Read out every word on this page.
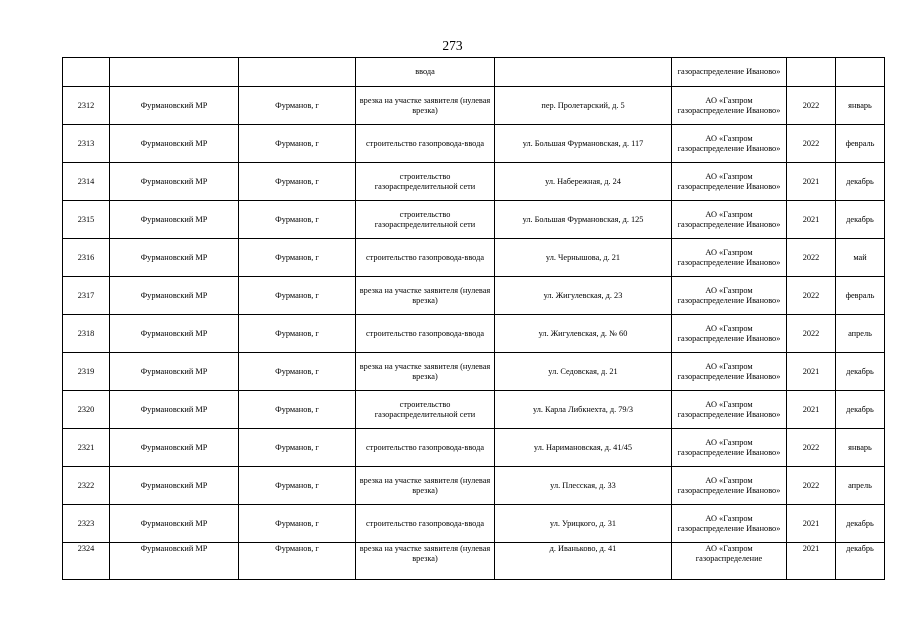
273

			ввода		газораспределение Иваново»		

2312	Фурмановский МР	Фурманов, г	врезка на участке заявителя (нулевая врезка)	пер. Пролетарский, д. 5	АО «Газпром газораспределение Иваново»	2022	январь
2313	Фурмановский МР	Фурманов, г	строительство газопровода-ввода	ул. Большая Фурмановская, д. 117	АО «Газпром газораспределение Иваново»	2022	февраль
2314	Фурмановский МР	Фурманов, г	строительство газораспределительной сети	ул. Набережная, д. 24	АО «Газпром газораспределение Иваново»	2021	декабрь
2315	Фурмановский МР	Фурманов, г	строительство газораспределительной сети	ул. Большая Фурмановская, д. 125	АО «Газпром газораспределение Иваново»	2021	декабрь
2316	Фурмановский МР	Фурманов, г	строительство газопровода-ввода	ул. Чернышова, д. 21	АО «Газпром газораспределение Иваново»	2022	май
2317	Фурмановский МР	Фурманов, г	врезка на участке заявителя (нулевая врезка)	ул. Жигулевская, д. 23	АО «Газпром газораспределение Иваново»	2022	февраль
2318	Фурмановский МР	Фурманов, г	строительство газопровода-ввода	ул. Жигулевская, д. № 60	АО «Газпром газораспределение Иваново»	2022	апрель
2319	Фурмановский МР	Фурманов, г	врезка на участке заявителя (нулевая врезка)	ул. Седовская, д. 21	АО «Газпром газораспределение Иваново»	2021	декабрь
2320	Фурмановский МР	Фурманов, г	строительство газораспределительной сети	ул. Карла Либкнехта, д. 79/3	АО «Газпром газораспределение Иваново»	2021	декабрь
2321	Фурмановский МР	Фурманов, г	строительство газопровода-ввода	ул. Наримановская, д. 41/45	АО «Газпром газораспределение Иваново»	2022	январь
2322	Фурмановский МР	Фурманов, г	врезка на участке заявителя (нулевая врезка)	ул. Плесская, д. 33	АО «Газпром газораспределение Иваново»	2022	апрель
2323	Фурмановский МР	Фурманов, г	строительство газопровода-ввода	ул. Урицкого, д. 31	АО «Газпром газораспределение Иваново»	2021	декабрь
2324	Фурмановский МР	Фурманов, г	врезка на участке заявителя (нулевая врезка)	д. Иваньково, д. 41	АО «Газпром газораспределение	2021	декабрь
